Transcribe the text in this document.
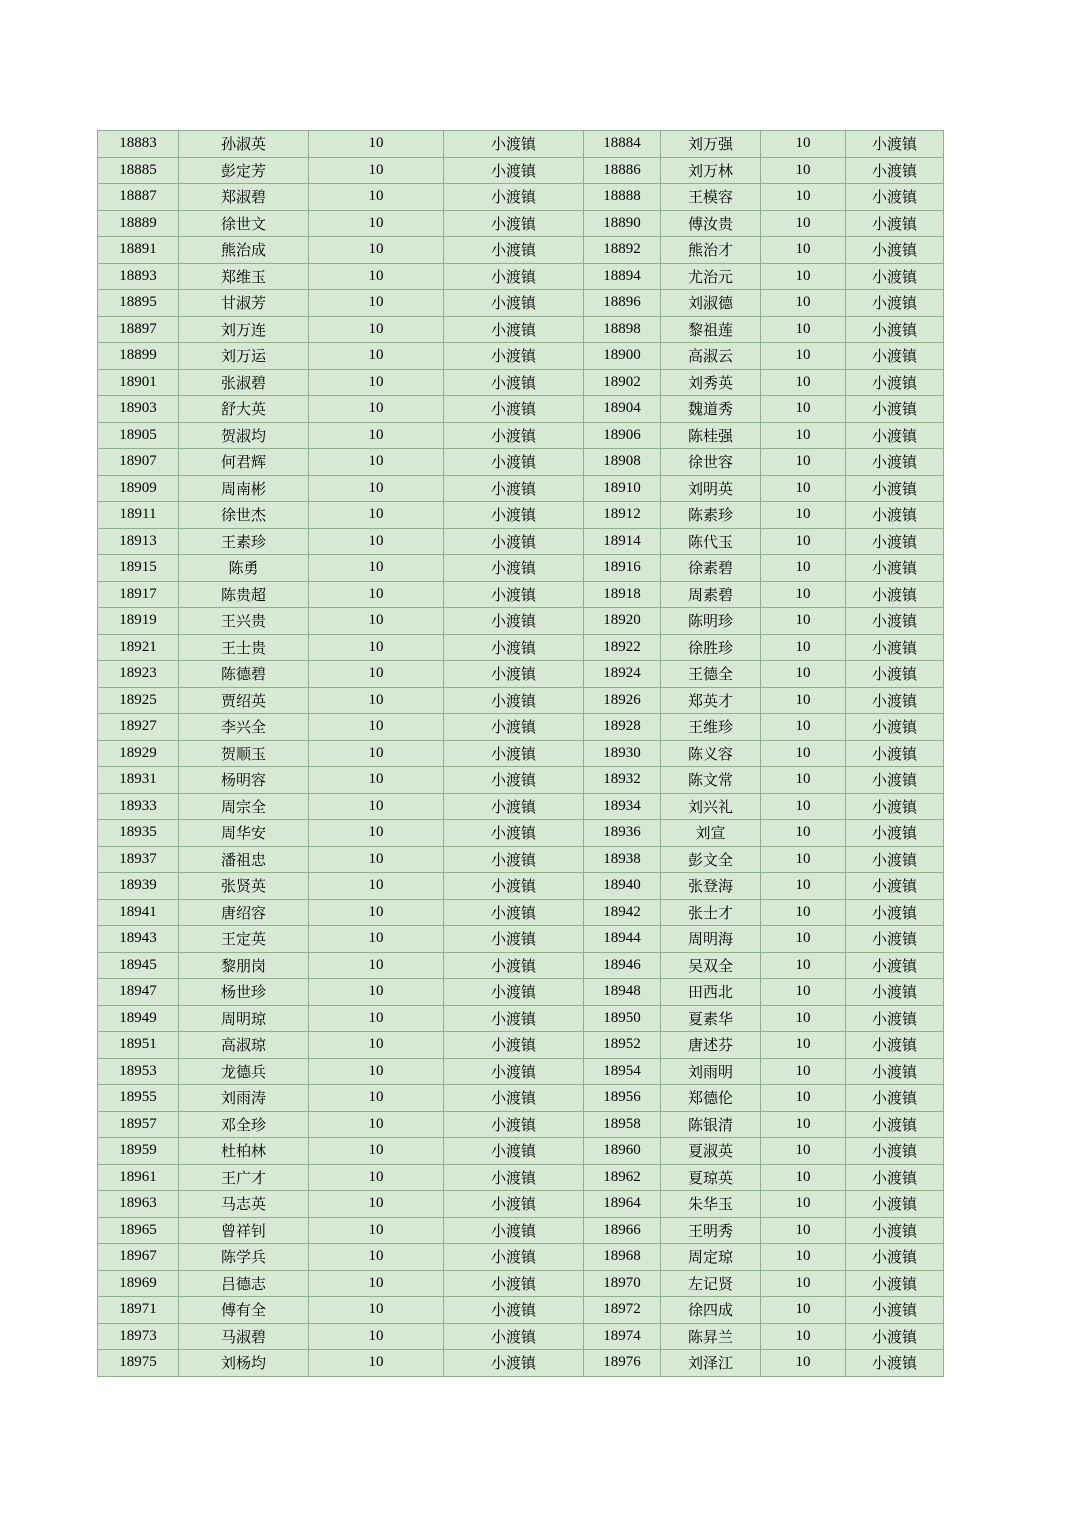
18883	孙淑英	10	小渡镇	18884	刘万强	10	小渡镇
18885	彭定芳	10	小渡镇	18886	刘万林	10	小渡镇
18887	郑淑碧	10	小渡镇	18888	王模容	10	小渡镇
18889	徐世文	10	小渡镇	18890	傅汝贵	10	小渡镇
18891	熊治成	10	小渡镇	18892	熊治才	10	小渡镇
18893	郑维玉	10	小渡镇	18894	尤治元	10	小渡镇
18895	甘淑芳	10	小渡镇	18896	刘淑德	10	小渡镇
18897	刘万连	10	小渡镇	18898	黎祖莲	10	小渡镇
18899	刘万运	10	小渡镇	18900	高淑云	10	小渡镇
18901	张淑碧	10	小渡镇	18902	刘秀英	10	小渡镇
18903	舒大英	10	小渡镇	18904	魏道秀	10	小渡镇
18905	贺淑均	10	小渡镇	18906	陈桂强	10	小渡镇
18907	何君辉	10	小渡镇	18908	徐世容	10	小渡镇
18909	周南彬	10	小渡镇	18910	刘明英	10	小渡镇
18911	徐世杰	10	小渡镇	18912	陈素珍	10	小渡镇
18913	王素珍	10	小渡镇	18914	陈代玉	10	小渡镇
18915	陈勇	10	小渡镇	18916	徐素碧	10	小渡镇
18917	陈贵超	10	小渡镇	18918	周素碧	10	小渡镇
18919	王兴贵	10	小渡镇	18920	陈明珍	10	小渡镇
18921	王士贵	10	小渡镇	18922	徐胜珍	10	小渡镇
18923	陈德碧	10	小渡镇	18924	王德全	10	小渡镇
18925	贾绍英	10	小渡镇	18926	郑英才	10	小渡镇
18927	李兴全	10	小渡镇	18928	王维珍	10	小渡镇
18929	贺顺玉	10	小渡镇	18930	陈义容	10	小渡镇
18931	杨明容	10	小渡镇	18932	陈文常	10	小渡镇
18933	周宗全	10	小渡镇	18934	刘兴礼	10	小渡镇
18935	周华安	10	小渡镇	18936	刘宣	10	小渡镇
18937	潘祖忠	10	小渡镇	18938	彭文全	10	小渡镇
18939	张贤英	10	小渡镇	18940	张登海	10	小渡镇
18941	唐绍容	10	小渡镇	18942	张士才	10	小渡镇
18943	王定英	10	小渡镇	18944	周明海	10	小渡镇
18945	黎朋岗	10	小渡镇	18946	吴双全	10	小渡镇
18947	杨世珍	10	小渡镇	18948	田西北	10	小渡镇
18949	周明琼	10	小渡镇	18950	夏素华	10	小渡镇
18951	高淑琼	10	小渡镇	18952	唐述芬	10	小渡镇
18953	龙德兵	10	小渡镇	18954	刘雨明	10	小渡镇
18955	刘雨涛	10	小渡镇	18956	郑德伦	10	小渡镇
18957	邓全珍	10	小渡镇	18958	陈银清	10	小渡镇
18959	杜柏林	10	小渡镇	18960	夏淑英	10	小渡镇
18961	王广才	10	小渡镇	18962	夏琼英	10	小渡镇
18963	马志英	10	小渡镇	18964	朱华玉	10	小渡镇
18965	曾祥钊	10	小渡镇	18966	王明秀	10	小渡镇
18967	陈学兵	10	小渡镇	18968	周定琼	10	小渡镇
18969	吕德志	10	小渡镇	18970	左记贤	10	小渡镇
18971	傅有全	10	小渡镇	18972	徐四成	10	小渡镇
18973	马淑碧	10	小渡镇	18974	陈昇兰	10	小渡镇
18975	刘杨均	10	小渡镇	18976	刘泽江	10	小渡镇
